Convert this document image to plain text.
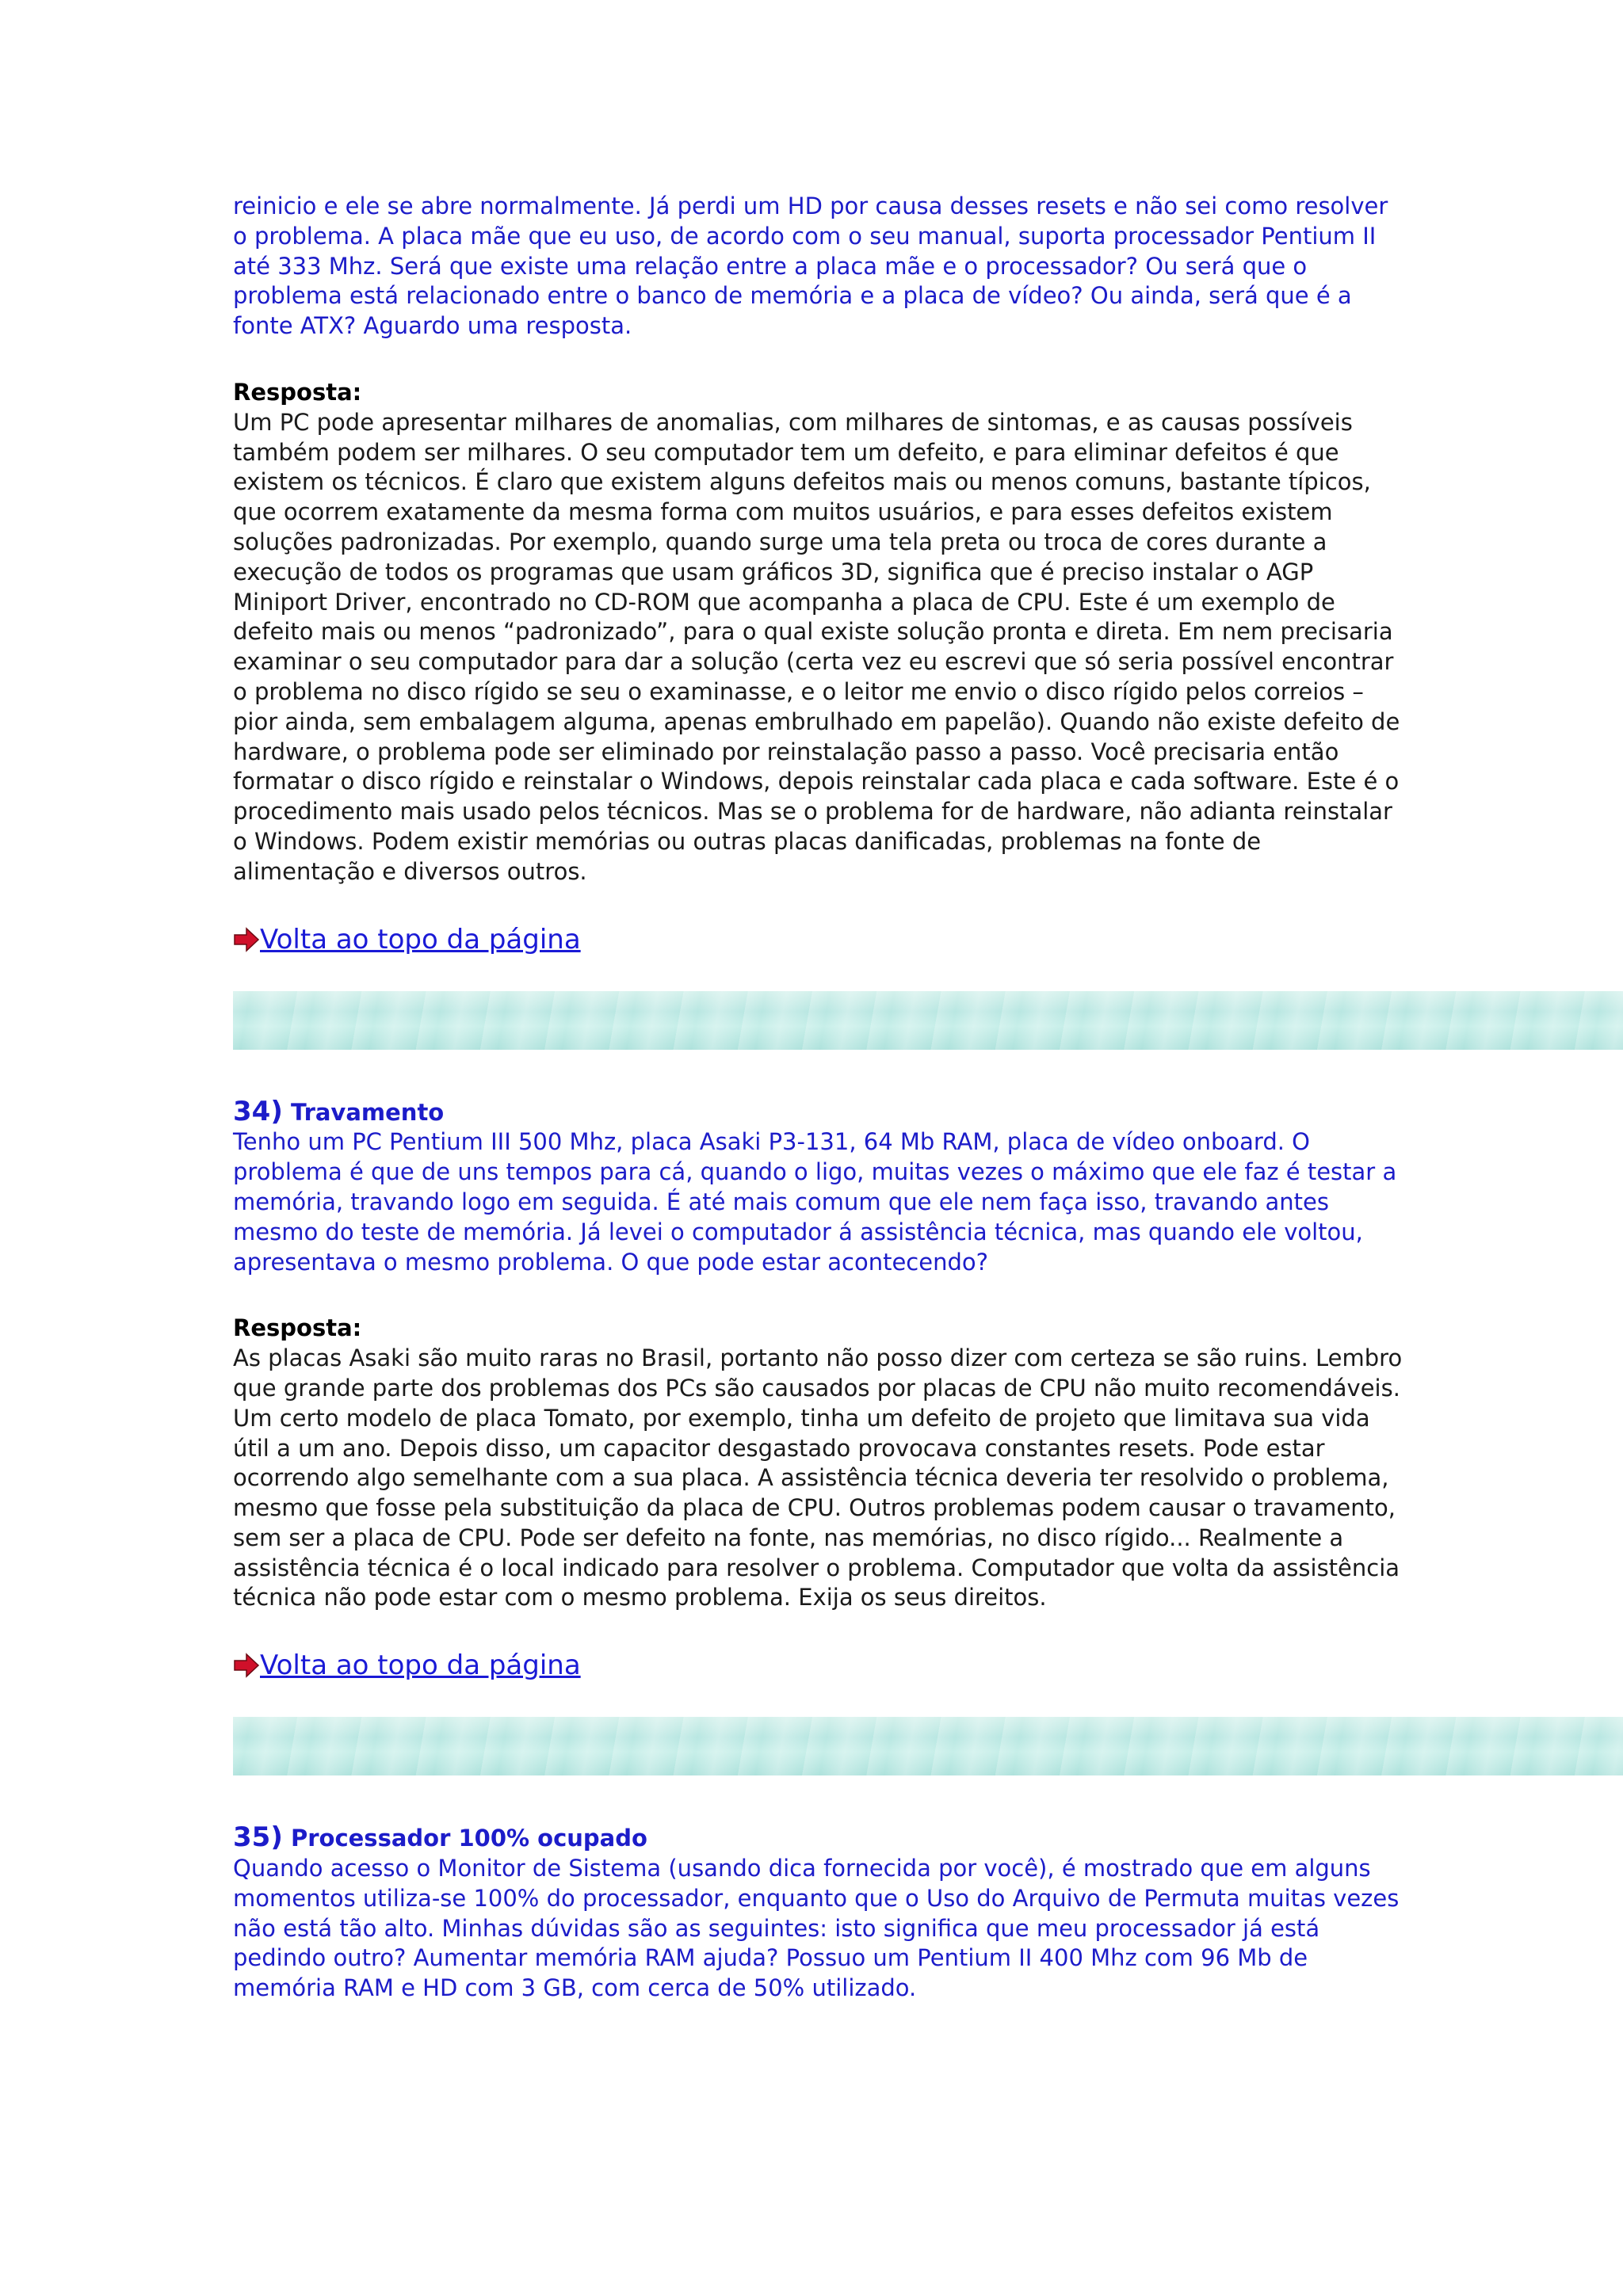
reinicio e ele se abre normalmente. Já perdi um HD por causa desses resets e não sei como resolver o problema. A placa mãe que eu uso, de acordo com o seu manual, suporta processador Pentium II até 333 Mhz. Será que existe uma relação entre a placa mãe e o processador? Ou será que o problema está relacionado entre o banco de memória e a placa de vídeo? Ou ainda, será que é a fonte ATX? Aguardo uma resposta.

Resposta:

Um PC pode apresentar milhares de anomalias, com milhares de sintomas, e as causas possíveis também podem ser milhares. O seu computador tem um defeito, e para eliminar defeitos é que existem os técnicos. É claro que existem alguns defeitos mais ou menos comuns, bastante típicos, que ocorrem exatamente da mesma forma com muitos usuários, e para esses defeitos existem soluções padronizadas. Por exemplo, quando surge uma tela preta ou troca de cores durante a execução de todos os programas que usam gráficos 3D, significa que é preciso instalar o AGP Miniport Driver, encontrado no CD-ROM que acompanha a placa de CPU. Este é um exemplo de defeito mais ou menos “padronizado”, para o qual existe solução pronta e direta. Em nem precisaria examinar o seu computador para dar a solução (certa vez eu escrevi que só seria possível encontrar o problema no disco rígido se seu o examinasse, e o leitor me envio o disco rígido pelos correios – pior ainda, sem embalagem alguma, apenas embrulhado em papelão). Quando não existe defeito de hardware, o problema pode ser eliminado por reinstalação passo a passo. Você precisaria então formatar o disco rígido e reinstalar o Windows, depois reinstalar cada placa e cada software. Este é o procedimento mais usado pelos técnicos. Mas se o problema for de hardware, não adianta reinstalar o Windows. Podem existir memórias ou outras placas danificadas, problemas na fonte de alimentação e diversos outros.

Volta ao topo da página
34) Travamento

Tenho um PC Pentium III 500 Mhz, placa Asaki P3-131, 64 Mb RAM, placa de vídeo onboard. O problema é que de uns tempos para cá, quando o ligo, muitas vezes o máximo que ele faz é testar a memória, travando logo em seguida. É até mais comum que ele nem faça isso, travando antes mesmo do teste de memória. Já levei o computador á assistência técnica, mas quando ele voltou, apresentava o mesmo problema. O que pode estar acontecendo?

Resposta:

As placas Asaki são muito raras no Brasil, portanto não posso dizer com certeza se são ruins. Lembro que grande parte dos problemas dos PCs são causados por placas de CPU não muito recomendáveis. Um certo modelo de placa Tomato, por exemplo, tinha um defeito de projeto que limitava sua vida útil a um ano. Depois disso, um capacitor desgastado provocava constantes resets. Pode estar ocorrendo algo semelhante com a sua placa. A assistência técnica deveria ter resolvido o problema, mesmo que fosse pela substituição da placa de CPU. Outros problemas podem causar o travamento, sem ser a placa de CPU. Pode ser defeito na fonte, nas memórias, no disco rígido... Realmente a assistência técnica é o local indicado para resolver o problema. Computador que volta da assistência técnica não pode estar com o mesmo problema. Exija os seus direitos.

Volta ao topo da página
35) Processador 100% ocupado

Quando acesso o Monitor de Sistema (usando dica fornecida por você), é mostrado que em alguns momentos utiliza-se 100% do processador, enquanto que o Uso do Arquivo de Permuta muitas vezes não está tão alto. Minhas dúvidas são as seguintes: isto significa que meu processador já está pedindo outro? Aumentar memória RAM ajuda? Possuo um Pentium II 400 Mhz com 96 Mb de memória RAM e HD com 3 GB, com cerca de 50% utilizado.
